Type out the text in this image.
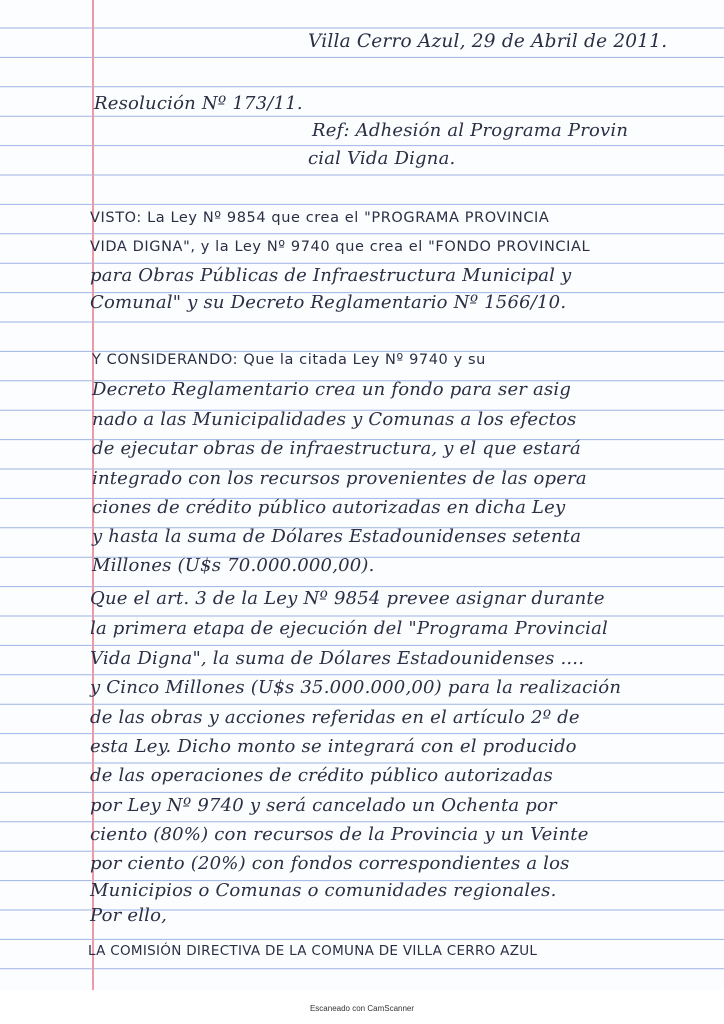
Villa Cerro Azul, 29 de Abril de 2011.
Resolución Nº 173/11.
Ref: Adhesión al Programa Provin
cial Vida Digna.
VISTO: La Ley Nº 9854 que crea el "PROGRAMA PROVINCIA
VIDA DIGNA", y la Ley Nº 9740 que crea el "FONDO PROVINCIAL
para Obras Públicas de Infraestructura Municipal y
Comunal" y su Decreto Reglamentario Nº 1566/10.
Y CONSIDERANDO: Que la citada Ley Nº 9740 y su
Decreto Reglamentario crea un fondo para ser asig
nado a las Municipalidades y Comunas a los efectos
de ejecutar obras de infraestructura, y el que estará
integrado con los recursos provenientes de las opera
ciones de crédito público autorizadas en dicha Ley
y hasta la suma de Dólares Estadounidenses setenta
Millones (U$s 70.000.000,00).
Que el art. 3 de la Ley Nº 9854 prevee asignar durante
la primera etapa de ejecución del "Programa Provincial
Vida Digna", la suma de Dólares Estadounidenses ....
y Cinco Millones (U$s 35.000.000,00) para la realización
de las obras y acciones referidas en el artículo 2º de
esta Ley. Dicho monto se integrará con el producido
de las operaciones de crédito público autorizadas
por Ley Nº 9740 y será cancelado un Ochenta por
ciento (80%) con recursos de la Provincia y un Veinte
por ciento (20%) con fondos correspondientes a los
Municipios o Comunas o comunidades regionales.
Por ello,
LA COMISIÓN DIRECTIVA DE LA COMUNA DE VILLA CERRO AZUL
Escaneado con CamScanner
